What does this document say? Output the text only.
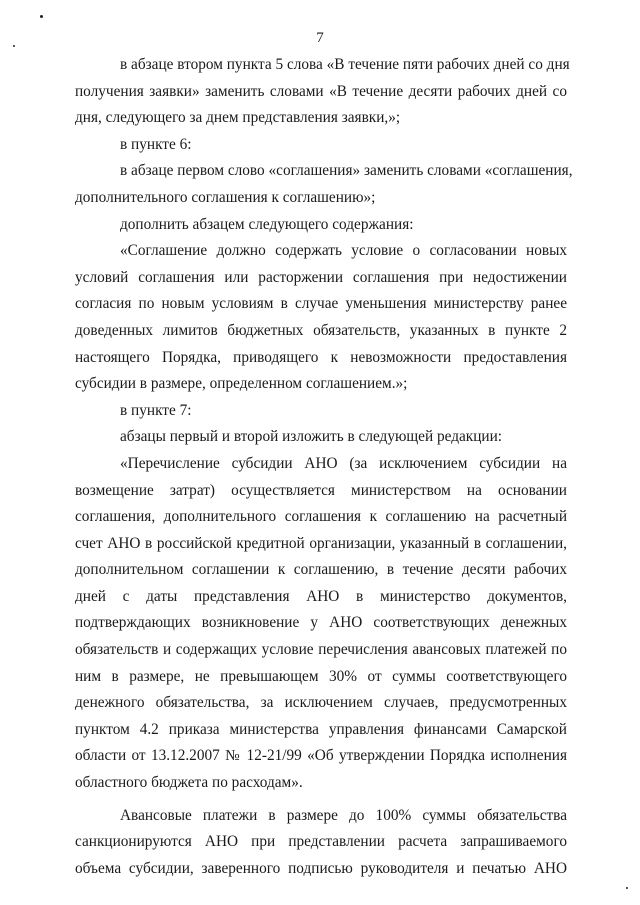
7
в абзаце втором пункта 5 слова «В течение пяти рабочих дней со дня
получения заявки» заменить словами «В течение десяти рабочих дней со
дня, следующего за днем представления заявки,»;
в пункте 6:
в абзаце первом слово «соглашения» заменить словами «соглашения,
дополнительного соглашения к соглашению»;
дополнить абзацем следующего содержания:
«Соглашение должно содержать условие о согласовании новых
условий соглашения или расторжении соглашения при недостижении
согласия по новым условиям в случае уменьшения министерству ранее
доведенных лимитов бюджетных обязательств, указанных в пункте 2
настоящего Порядка, приводящего к невозможности предоставления
субсидии в размере, определенном соглашением.»;
в пункте 7:
абзацы первый и второй изложить в следующей редакции:
«Перечисление субсидии АНО (за исключением субсидии на
возмещение затрат) осуществляется министерством на основании
соглашения, дополнительного соглашения к соглашению на расчетный
счет АНО в российской кредитной организации, указанный в соглашении,
дополнительном соглашении к соглашению, в течение десяти рабочих
дней с даты представления АНО в министерство документов,
подтверждающих возникновение у АНО соответствующих денежных
обязательств и содержащих условие перечисления авансовых платежей по
ним в размере, не превышающем 30% от суммы соответствующего
денежного обязательства, за исключением случаев, предусмотренных
пунктом 4.2 приказа министерства управления финансами Самарской
области от 13.12.2007 № 12-21/99 «Об утверждении Порядка исполнения
областного бюджета по расходам».
Авансовые платежи в размере до 100% суммы обязательства
санкционируются АНО при представлении расчета запрашиваемого
объема субсидии, заверенного подписью руководителя и печатью АНО
